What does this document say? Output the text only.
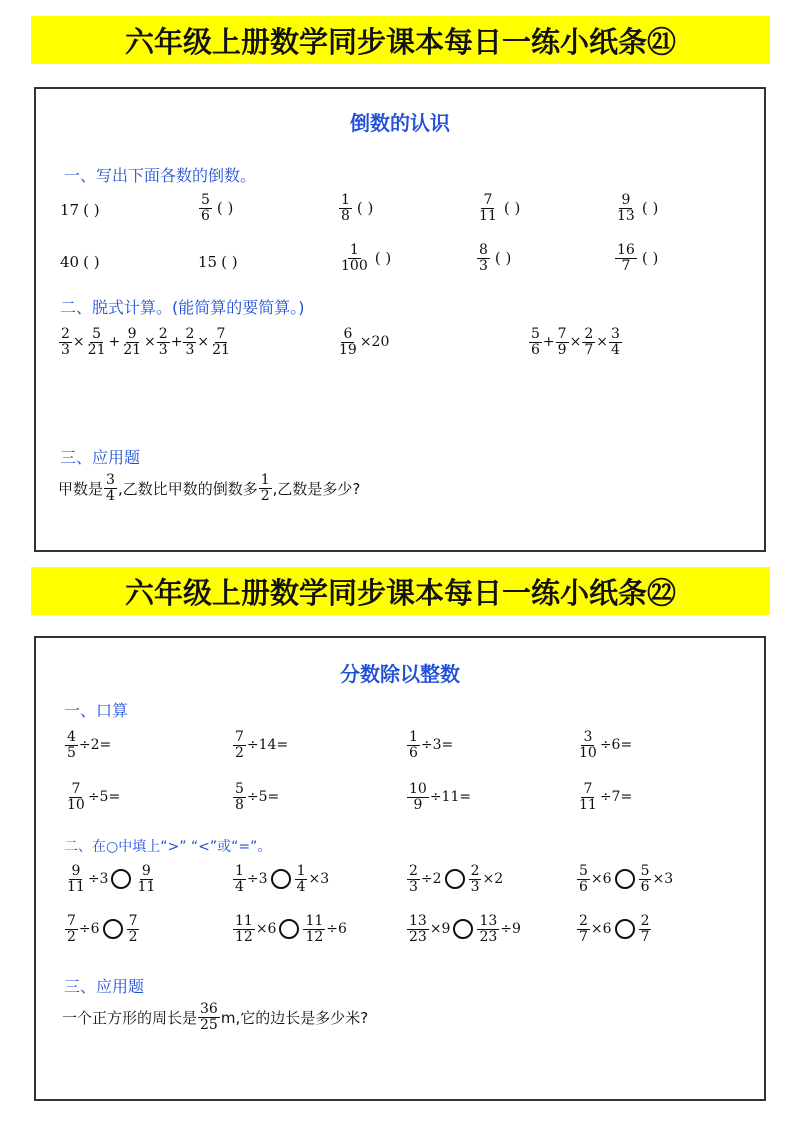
六年级上册数学同步课本每日一练小纸条㉑
倒数的认识
一、写出下面各数的倒数。
17 ( )	$\frac{5}{6}$ ( )	$\frac{1}{8}$ ( )	$\frac{7}{11}$ ( )	$\frac{9}{13}$ ( )
40 ( )	15 ( )	$\frac{1}{100}$ ( )	$\frac{8}{3}$ ( )	$\frac{16}{7}$ ( )
二、脱式计算。(能简算的要简算。)
$\frac{2}{3} \times \frac{5}{21} + \frac{9}{21} \times \frac{2}{3} + \frac{2}{3} \times \frac{7}{21}$	$\frac{6}{19} \times 20$	$\frac{5}{6} + \frac{7}{9} \times \frac{2}{7} \times \frac{3}{4}$
三、应用题
甲数是 $\frac{3}{4}$ ,乙数比甲数的倒数多 $\frac{1}{2}$ ,乙数是多少?
六年级上册数学同步课本每日一练小纸条㉒
分数除以整数
一、口算
$\frac{4}{5} \div 2=$	$\frac{7}{2} \div 14=$	$\frac{1}{6} \div 3=$	$\frac{3}{10} \div 6=$
$\frac{7}{10} \div 5=$	$\frac{5}{8} \div 5=$	$\frac{10}{9} \div 11=$	$\frac{7}{11} \div 7=$
二、在○中填上“>” “<”或“=”。
$\frac{9}{11} \div 3 \frac{9}{11}$	$\frac{1}{4} \div 3 \frac{1}{4} \times 3$	$\frac{2}{3} \div 2 \frac{2}{3} \times 2$	$\frac{5}{6} \times 6 \frac{5}{6} \times 3$
$\frac{7}{2} \div 6 \frac{7}{2}$	$\frac{11}{12} \times 6 \frac{11}{12} \div 6$	$\frac{13}{23} \times 9 \frac{13}{23} \div 9$	$\frac{2}{7} \times 6 \frac{2}{7}$
三、应用题
一个正方形的周长是 $\frac{36}{25} m$,它的边长是多少米?
